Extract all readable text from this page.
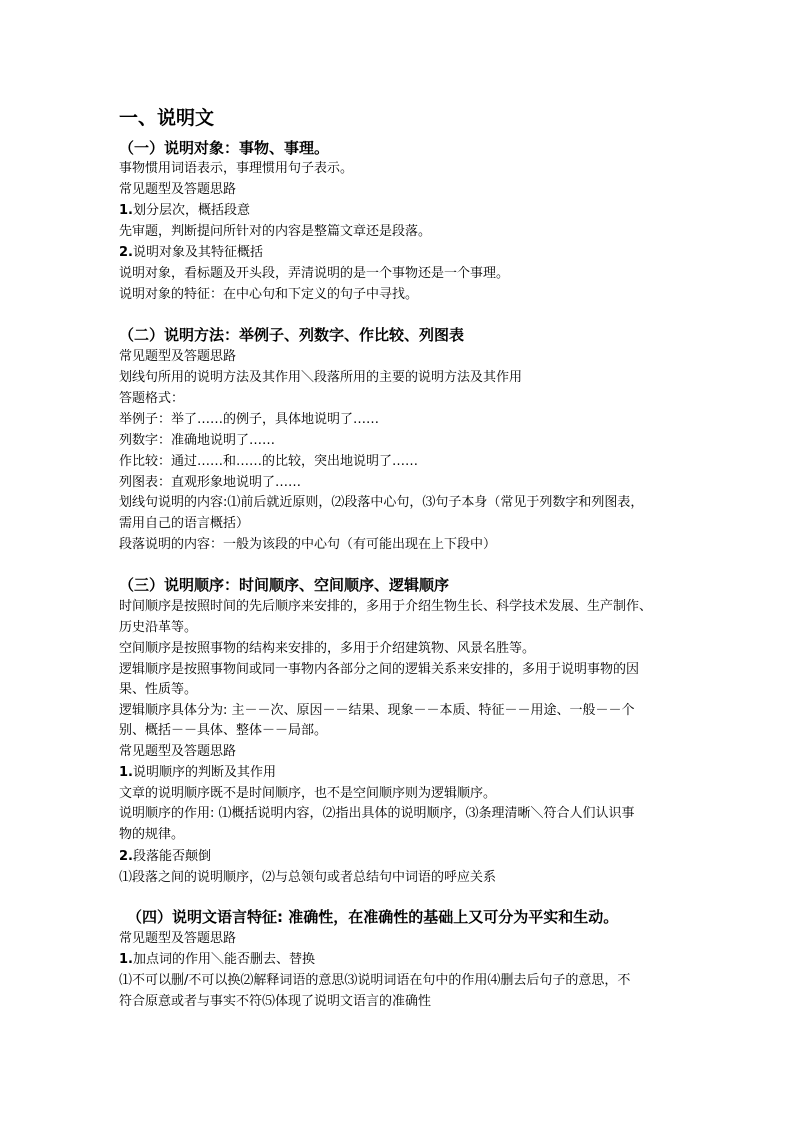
一、说明文
（一）说明对象：事物、事理。
事物惯用词语表示，事理惯用句子表示。
常见题型及答题思路
1.划分层次，概括段意
先审题，判断提问所针对的内容是整篇文章还是段落。
2.说明对象及其特征概括
说明对象，看标题及开头段，弄清说明的是一个事物还是一个事理。
说明对象的特征：在中心句和下定义的句子中寻找。
（二）说明方法：举例子、列数字、作比较、列图表
常见题型及答题思路
划线句所用的说明方法及其作用＼段落所用的主要的说明方法及其作用
答题格式：
举例子：举了……的例子，具体地说明了……
列数字：准确地说明了……
作比较：通过……和……的比较，突出地说明了……
列图表：直观形象地说明了……
划线句说明的内容:⑴前后就近原则，⑵段落中心句，⑶句子本身（常见于列数字和列图表，
需用自己的语言概括）
段落说明的内容：一般为该段的中心句（有可能出现在上下段中）
（三）说明顺序：时间顺序、空间顺序、逻辑顺序
时间顺序是按照时间的先后顺序来安排的，多用于介绍生物生长、科学技术发展、生产制作、
历史沿革等。
空间顺序是按照事物的结构来安排的，多用于介绍建筑物、风景名胜等。
逻辑顺序是按照事物间或同一事物内各部分之间的逻辑关系来安排的，多用于说明事物的因
果、性质等。
逻辑顺序具体分为: 主－－次、原因－－结果、现象－－本质、特征－－用途、一般－－个
别、概括－－具体、整体－－局部。
常见题型及答题思路
1.说明顺序的判断及其作用
文章的说明顺序既不是时间顺序，也不是空间顺序则为逻辑顺序。
说明顺序的作用: ⑴概括说明内容，⑵指出具体的说明顺序，⑶条理清晰＼符合人们认识事
物的规律。
2.段落能否颠倒
⑴段落之间的说明顺序，⑵与总领句或者总结句中词语的呼应关系
（四）说明文语言特征: 准确性，在准确性的基础上又可分为平实和生动。
常见题型及答题思路
1.加点词的作用＼能否删去、替换
⑴不可以删/不可以换⑵解释词语的意思⑶说明词语在句中的作用⑷删去后句子的意思，不
符合原意或者与事实不符⑸体现了说明文语言的准确性
